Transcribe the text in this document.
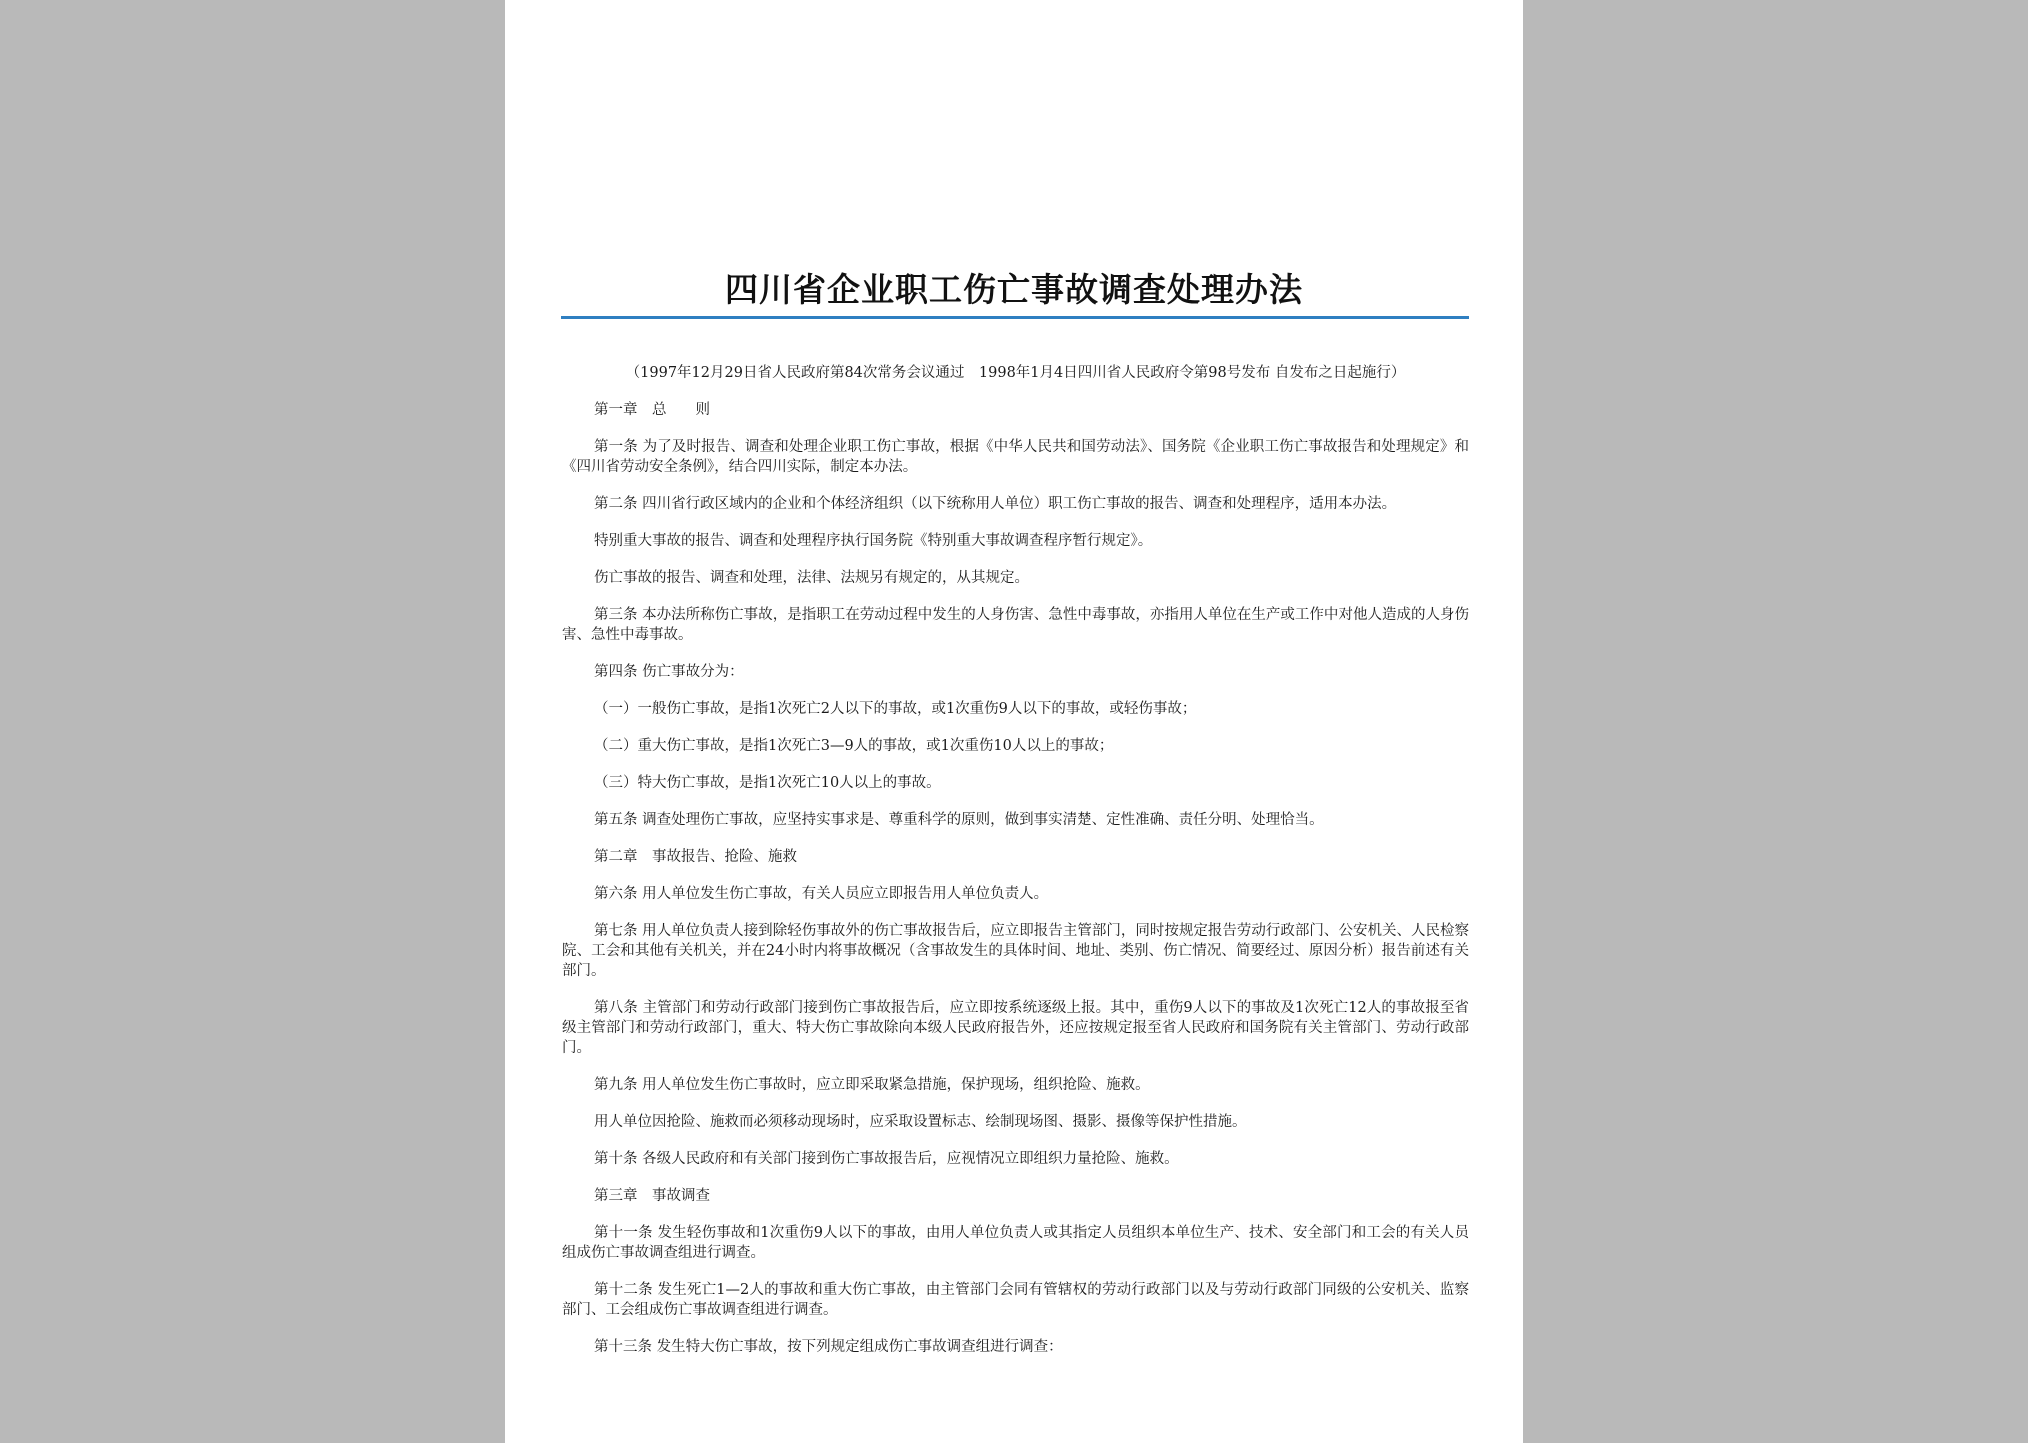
四川省企业职工伤亡事故调查处理办法

（1997年12月29日省人民政府第84次常务会议通过　1998年1月4日四川省人民政府令第98号发布 自发布之日起施行）

第一章　总　　则

第一条 为了及时报告、调查和处理企业职工伤亡事故，根据《中华人民共和国劳动法》、国务院《企业职工伤亡事故报告和处理规定》和《四川省劳动安全条例》，结合四川实际，制定本办法。

第二条 四川省行政区域内的企业和个体经济组织（以下统称用人单位）职工伤亡事故的报告、调查和处理程序，适用本办法。

特别重大事故的报告、调查和处理程序执行国务院《特别重大事故调查程序暂行规定》。

伤亡事故的报告、调查和处理，法律、法规另有规定的，从其规定。

第三条 本办法所称伤亡事故，是指职工在劳动过程中发生的人身伤害、急性中毒事故，亦指用人单位在生产或工作中对他人造成的人身伤害、急性中毒事故。

第四条 伤亡事故分为：

（一）一般伤亡事故，是指1次死亡2人以下的事故，或1次重伤9人以下的事故，或轻伤事故；

（二）重大伤亡事故，是指1次死亡3—9人的事故，或1次重伤10人以上的事故；

（三）特大伤亡事故，是指1次死亡10人以上的事故。

第五条 调查处理伤亡事故，应坚持实事求是、尊重科学的原则，做到事实清楚、定性准确、责任分明、处理恰当。

第二章　事故报告、抢险、施救

第六条 用人单位发生伤亡事故，有关人员应立即报告用人单位负责人。

第七条 用人单位负责人接到除轻伤事故外的伤亡事故报告后，应立即报告主管部门，同时按规定报告劳动行政部门、公安机关、人民检察院、工会和其他有关机关，并在24小时内将事故概况（含事故发生的具体时间、地址、类别、伤亡情况、简要经过、原因分析）报告前述有关部门。

第八条 主管部门和劳动行政部门接到伤亡事故报告后，应立即按系统逐级上报。其中，重伤9人以下的事故及1次死亡12人的事故报至省级主管部门和劳动行政部门，重大、特大伤亡事故除向本级人民政府报告外，还应按规定报至省人民政府和国务院有关主管部门、劳动行政部门。

第九条 用人单位发生伤亡事故时，应立即采取紧急措施，保护现场，组织抢险、施救。

用人单位因抢险、施救而必须移动现场时，应采取设置标志、绘制现场图、摄影、摄像等保护性措施。

第十条 各级人民政府和有关部门接到伤亡事故报告后，应视情况立即组织力量抢险、施救。

第三章　事故调查

第十一条 发生轻伤事故和1次重伤9人以下的事故，由用人单位负责人或其指定人员组织本单位生产、技术、安全部门和工会的有关人员组成伤亡事故调查组进行调查。

第十二条 发生死亡1—2人的事故和重大伤亡事故，由主管部门会同有管辖权的劳动行政部门以及与劳动行政部门同级的公安机关、监察部门、工会组成伤亡事故调查组进行调查。

第十三条 发生特大伤亡事故，按下列规定组成伤亡事故调查组进行调查：
